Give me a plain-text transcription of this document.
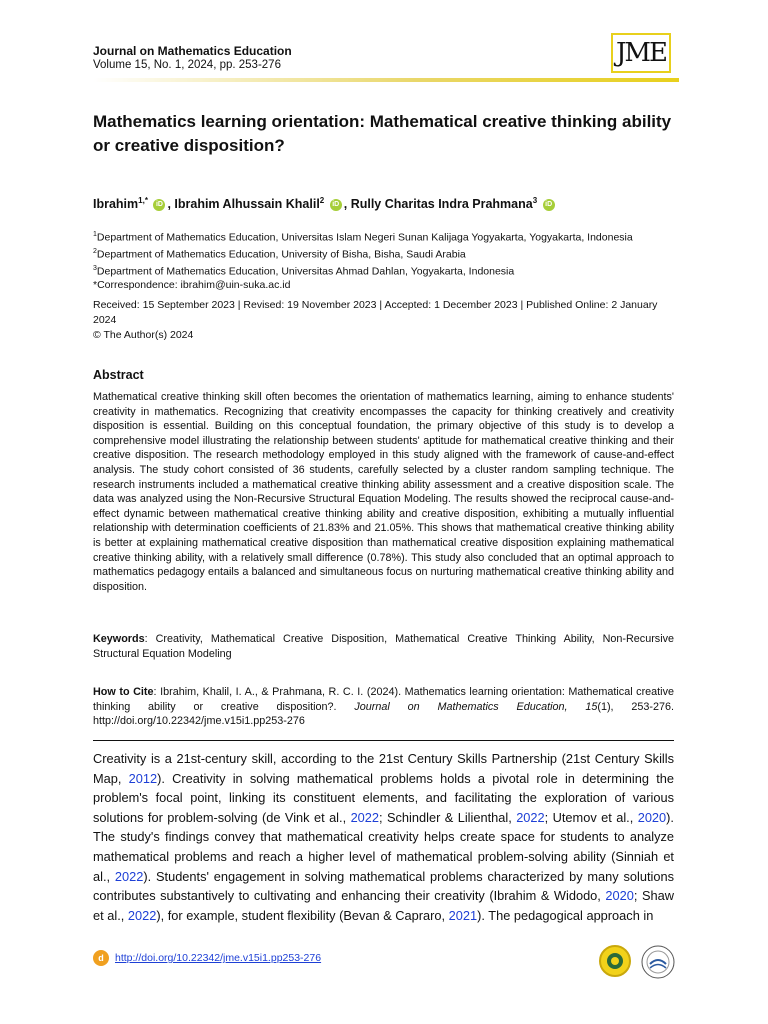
Journal on Mathematics Education
Volume 15, No. 1, 2024, pp. 253-276	JME
Mathematics learning orientation: Mathematical creative thinking ability or creative disposition?
Ibrahim$^{1,*}$ iD , Ibrahim Alhussain Khalil$^2$ iD , Rully Charitas Indra Prahmana$^3$ iD
$^1$Department of Mathematics Education, Universitas Islam Negeri Sunan Kalijaga Yogyakarta, Yogyakarta, Indonesia
$^2$Department of Mathematics Education, University of Bisha, Bisha, Saudi Arabia
$^3$Department of Mathematics Education, Universitas Ahmad Dahlan, Yogyakarta, Indonesia
*Correspondence: ibrahim@uin-suka.ac.id
Received: 15 September 2023 | Revised: 19 November 2023 | Accepted: 1 December 2023 | Published Online: 2 January 2024
© The Author(s) 2024
Abstract
Mathematical creative thinking skill often becomes the orientation of mathematics learning, aiming to enhance students' creativity in mathematics. Recognizing that creativity encompasses the capacity for thinking creatively and creativity disposition is essential. Building on this conceptual foundation, the primary objective of this study is to develop a comprehensive model illustrating the relationship between students' aptitude for mathematical creative thinking and their creative disposition. The research methodology employed in this study aligned with the framework of cause-and-effect analysis. The study cohort consisted of 36 students, carefully selected by a cluster random sampling technique. The research instruments included a mathematical creative thinking ability assessment and a creative disposition scale. The data was analyzed using the Non-Recursive Structural Equation Modeling. The results showed the reciprocal cause-and-effect dynamic between mathematical creative thinking ability and creative disposition, exhibiting a mutually influential relationship with determination coefficients of 21.83% and 21.05%. This shows that mathematical creative thinking ability is better at explaining mathematical creative disposition than mathematical creative disposition explaining mathematical creative thinking ability, with a relatively small difference (0.78%). This study also concluded that an optimal approach to mathematics pedagogy entails a balanced and simultaneous focus on nurturing mathematical creative thinking ability and disposition.
Keywords: Creativity, Mathematical Creative Disposition, Mathematical Creative Thinking Ability, Non-Recursive Structural Equation Modeling
How to Cite: Ibrahim, Khalil, I. A., & Prahmana, R. C. I. (2024). Mathematics learning orientation: Mathematical creative thinking ability or creative disposition?. Journal on Mathematics Education, 15(1), 253-276. http://doi.org/10.22342/jme.v15i1.pp253-276
Creativity is a 21st-century skill, according to the 21st Century Skills Partnership (21st Century Skills Map, 2012). Creativity in solving mathematical problems holds a pivotal role in determining the problem's focal point, linking its constituent elements, and facilitating the exploration of various solutions for problem-solving (de Vink et al., 2022; Schindler & Lilienthal, 2022; Utemov et al., 2020). The study's findings convey that mathematical creativity helps create space for students to analyze mathematical problems and reach a higher level of mathematical problem-solving ability (Sinniah et al., 2022). Students' engagement in solving mathematical problems characterized by many solutions contributes substantively to cultivating and enhancing their creativity (Ibrahim & Widodo, 2020; Shaw et al., 2022), for example, student flexibility (Bevan & Capraro, 2021). The pedagogical approach in
d	http://doi.org/10.22342/jme.v15i1.pp253-276
